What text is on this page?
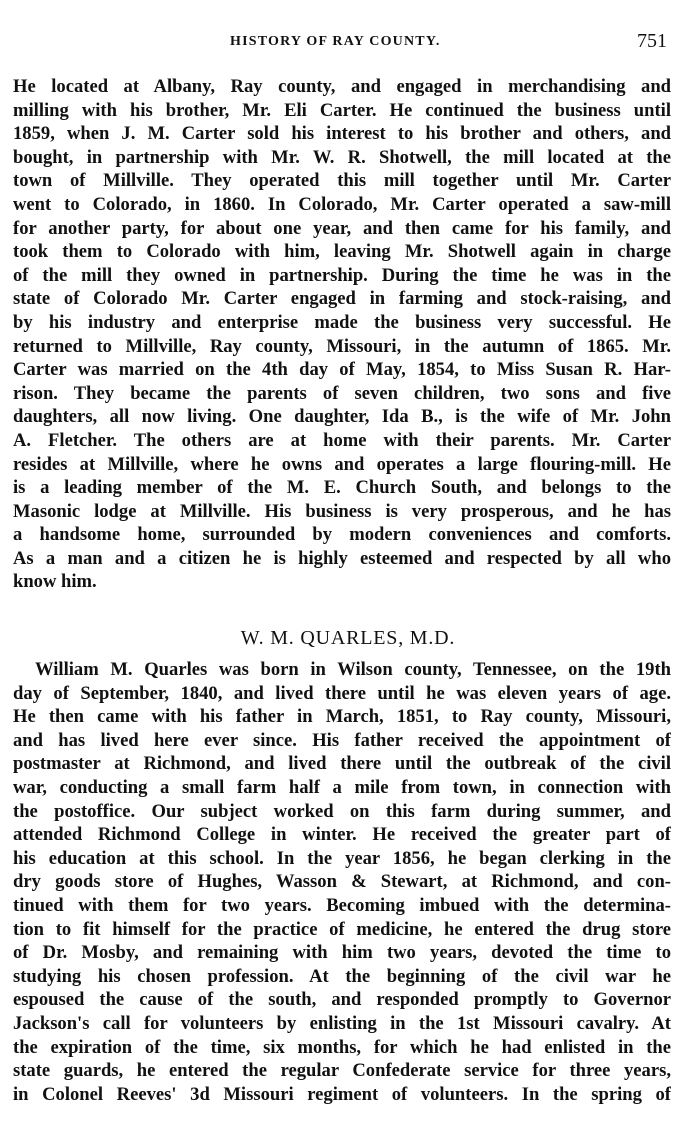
HISTORY OF RAY COUNTY.	751
He located at Albany, Ray county, and engaged in merchandising and
milling with his brother, Mr. Eli Carter. He continued the business until
1859, when J. M. Carter sold his interest to his brother and others, and
bought, in partnership with Mr. W. R. Shotwell, the mill located at the
town of Millville. They operated this mill together until Mr. Carter
went to Colorado, in 1860. In Colorado, Mr. Carter operated a saw-mill
for another party, for about one year, and then came for his family, and
took them to Colorado with him, leaving Mr. Shotwell again in charge
of the mill they owned in partnership. During the time he was in the
state of Colorado Mr. Carter engaged in farming and stock-raising, and
by his industry and enterprise made the business very successful. He
returned to Millville, Ray county, Missouri, in the autumn of 1865. Mr.
Carter was married on the 4th day of May, 1854, to Miss Susan R. Har-
rison. They became the parents of seven children, two sons and five
daughters, all now living. One daughter, Ida B., is the wife of Mr. John
A. Fletcher. The others are at home with their parents. Mr. Carter
resides at Millville, where he owns and operates a large flouring-mill. He
is a leading member of the M. E. Church South, and belongs to the
Masonic lodge at Millville. His business is very prosperous, and he has
a handsome home, surrounded by modern conveniences and comforts.
As a man and a citizen he is highly esteemed and respected by all who
know him.
W. M. QUARLES, M.D.
William M. Quarles was born in Wilson county, Tennessee, on the 19th
day of September, 1840, and lived there until he was eleven years of age.
He then came with his father in March, 1851, to Ray county, Missouri,
and has lived here ever since. His father received the appointment of
postmaster at Richmond, and lived there until the outbreak of the civil
war, conducting a small farm half a mile from town, in connection with
the postoffice. Our subject worked on this farm during summer, and
attended Richmond College in winter. He received the greater part of
his education at this school. In the year 1856, he began clerking in the
dry goods store of Hughes, Wasson & Stewart, at Richmond, and con-
tinued with them for two years. Becoming imbued with the determina-
tion to fit himself for the practice of medicine, he entered the drug store
of Dr. Mosby, and remaining with him two years, devoted the time to
studying his chosen profession. At the beginning of the civil war he
espoused the cause of the south, and responded promptly to Governor
Jackson's call for volunteers by enlisting in the 1st Missouri cavalry. At
the expiration of the time, six months, for which he had enlisted in the
state guards, he entered the regular Confederate service for three years,
in Colonel Reeves' 3d Missouri regiment of volunteers. In the spring of
